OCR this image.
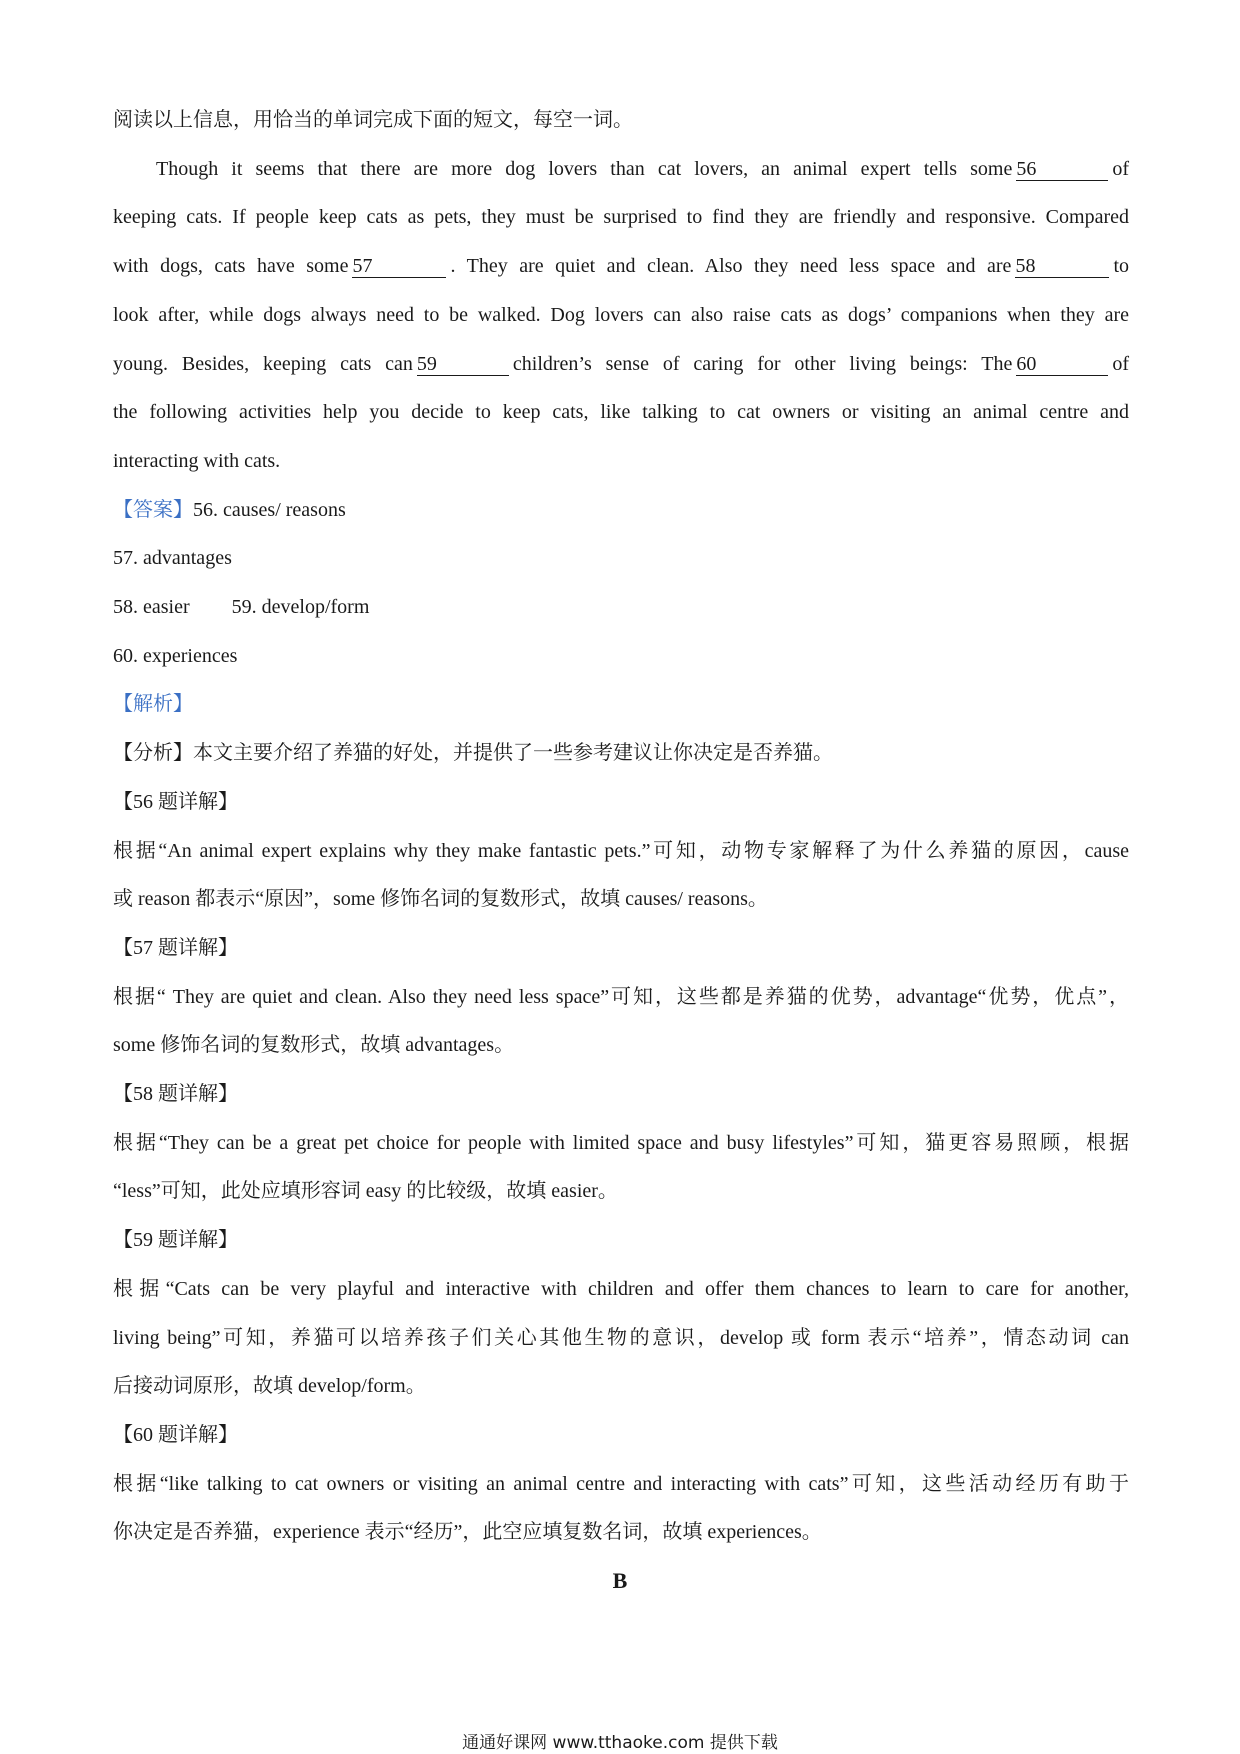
阅读以上信息，用恰当的单词完成下面的短文，每空一词。
Though it seems that there are more dog lovers than cat lovers, an animal expert tells some 56	of
keeping cats. If people keep cats as pets, they must be surprised to find they are friendly and responsive. Compared
with dogs, cats have some 57	. They are quiet and clean. Also they need less space and are 58	to
look after, while dogs always need to be walked. Dog lovers can also raise cats as dogs’ companions when they are
young. Besides, keeping cats can 59	children’s sense of caring for other living beings: The 60	of
the following activities help you decide to keep cats, like talking to cat owners or visiting an animal centre and
interacting with cats.
【答案】56. causes/ reasons
57. advantages
58. easier 59. develop/form
60. experiences
【解析】
【分析】本文主要介绍了养猫的好处，并提供了一些参考建议让你决定是否养猫。
【56 题详解】
根据“An animal expert explains why they make fantastic pets.”可知，动物专家解释了为什么养猫的原因，cause
或 reason 都表示“原因”，some 修饰名词的复数形式，故填 causes/ reasons。
【57 题详解】
根据“ They are quiet and clean. Also they need less space”可知，这些都是养猫的优势，advantage“优势，优点”，
some 修饰名词的复数形式，故填 advantages。
【58 题详解】
根据“They can be a great pet choice for people with limited space and busy lifestyles”可知，猫更容易照顾，根据
“less”可知，此处应填形容词 easy 的比较级，故填 easier。
【59 题详解】
根据“Cats can be very playful and interactive with children and offer them chances to learn to care for another,
living being”可知，养猫可以培养孩子们关心其他生物的意识，develop 或 form 表示“培养”，情态动词 can
后接动词原形，故填 develop/form。
【60 题详解】
根据“like talking to cat owners or visiting an animal centre and interacting with cats”可知，这些活动经历有助于
你决定是否养猫，experience 表示“经历”，此空应填复数名词，故填 experiences。
B
通通好课网 www.tthaoke.com 提供下载
